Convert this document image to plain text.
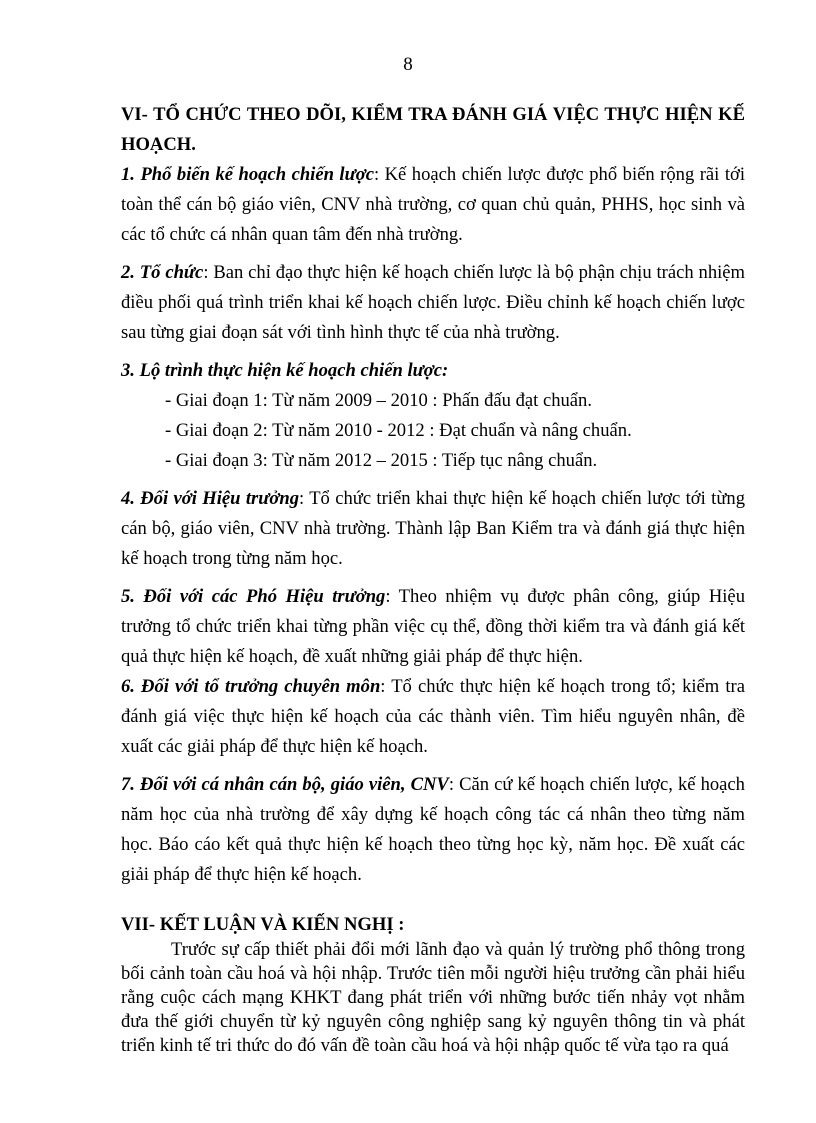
8

VI- TỔ CHỨC THEO DÕI, KIỂM TRA ĐÁNH GIÁ VIỆC THỰC HIỆN KẾ HOẠCH.

1. Phổ biến kế hoạch chiến lược: Kế hoạch chiến lược được phổ biến rộng rãi tới toàn thể cán bộ giáo viên, CNV nhà trường, cơ quan chủ quản, PHHS, học sinh và các tổ chức cá nhân quan tâm đến nhà trường.

2. Tổ chức: Ban chỉ đạo thực hiện kế hoạch chiến lược là bộ phận chịu trách nhiệm điều phối quá trình triển khai kế hoạch chiến lược. Điều chỉnh kế hoạch chiến lược sau từng giai đoạn sát với tình hình thực tế của nhà trường.

3. Lộ trình thực hiện kế hoạch chiến lược:

- Giai đoạn 1: Từ năm 2009 – 2010 : Phấn đấu đạt chuẩn.

- Giai đoạn 2: Từ năm 2010 - 2012 : Đạt chuẩn và nâng chuẩn.

- Giai đoạn 3: Từ năm 2012 – 2015 : Tiếp tục nâng chuẩn.

4. Đối với Hiệu trưởng: Tổ chức triển khai thực hiện kế hoạch chiến lược tới từng cán bộ, giáo viên, CNV nhà trường. Thành lập Ban Kiểm tra và đánh giá thực hiện kế hoạch trong từng năm học.

5. Đối với các Phó Hiệu trưởng: Theo nhiệm vụ được phân công, giúp Hiệu trưởng tổ chức triển khai từng phần việc cụ thể, đồng thời kiểm tra và đánh giá kết quả thực hiện kế hoạch, đề xuất những giải pháp để thực hiện.

6. Đối với tổ trưởng chuyên môn: Tổ chức thực hiện kế hoạch trong tổ; kiểm tra đánh giá việc thực hiện kế hoạch của các thành viên. Tìm hiểu nguyên nhân, đề xuất các giải pháp để thực hiện kế hoạch.

7. Đối với cá nhân cán bộ, giáo viên, CNV: Căn cứ kế hoạch chiến lược, kế hoạch năm học của nhà trường để xây dựng kế hoạch công tác cá nhân theo từng năm học. Báo cáo kết quả thực hiện kế hoạch theo từng học kỳ, năm học. Đề xuất các giải pháp để thực hiện kế hoạch.

VII- KẾT LUẬN VÀ KIẾN NGHỊ :

Trước sự cấp thiết phải đổi mới lãnh đạo và quản lý trường phổ thông trong bối cảnh toàn cầu hoá và hội nhập. Trước tiên mỗi người hiệu trưởng cần phải hiểu rằng cuộc cách mạng KHKT đang phát triển với những bước tiến nhảy vọt nhằm đưa thế giới chuyển từ kỷ nguyên công nghiệp sang kỷ nguyên thông tin và phát triển kinh tế tri thức do đó vấn đề toàn cầu hoá và hội nhập quốc tế vừa tạo ra quá
